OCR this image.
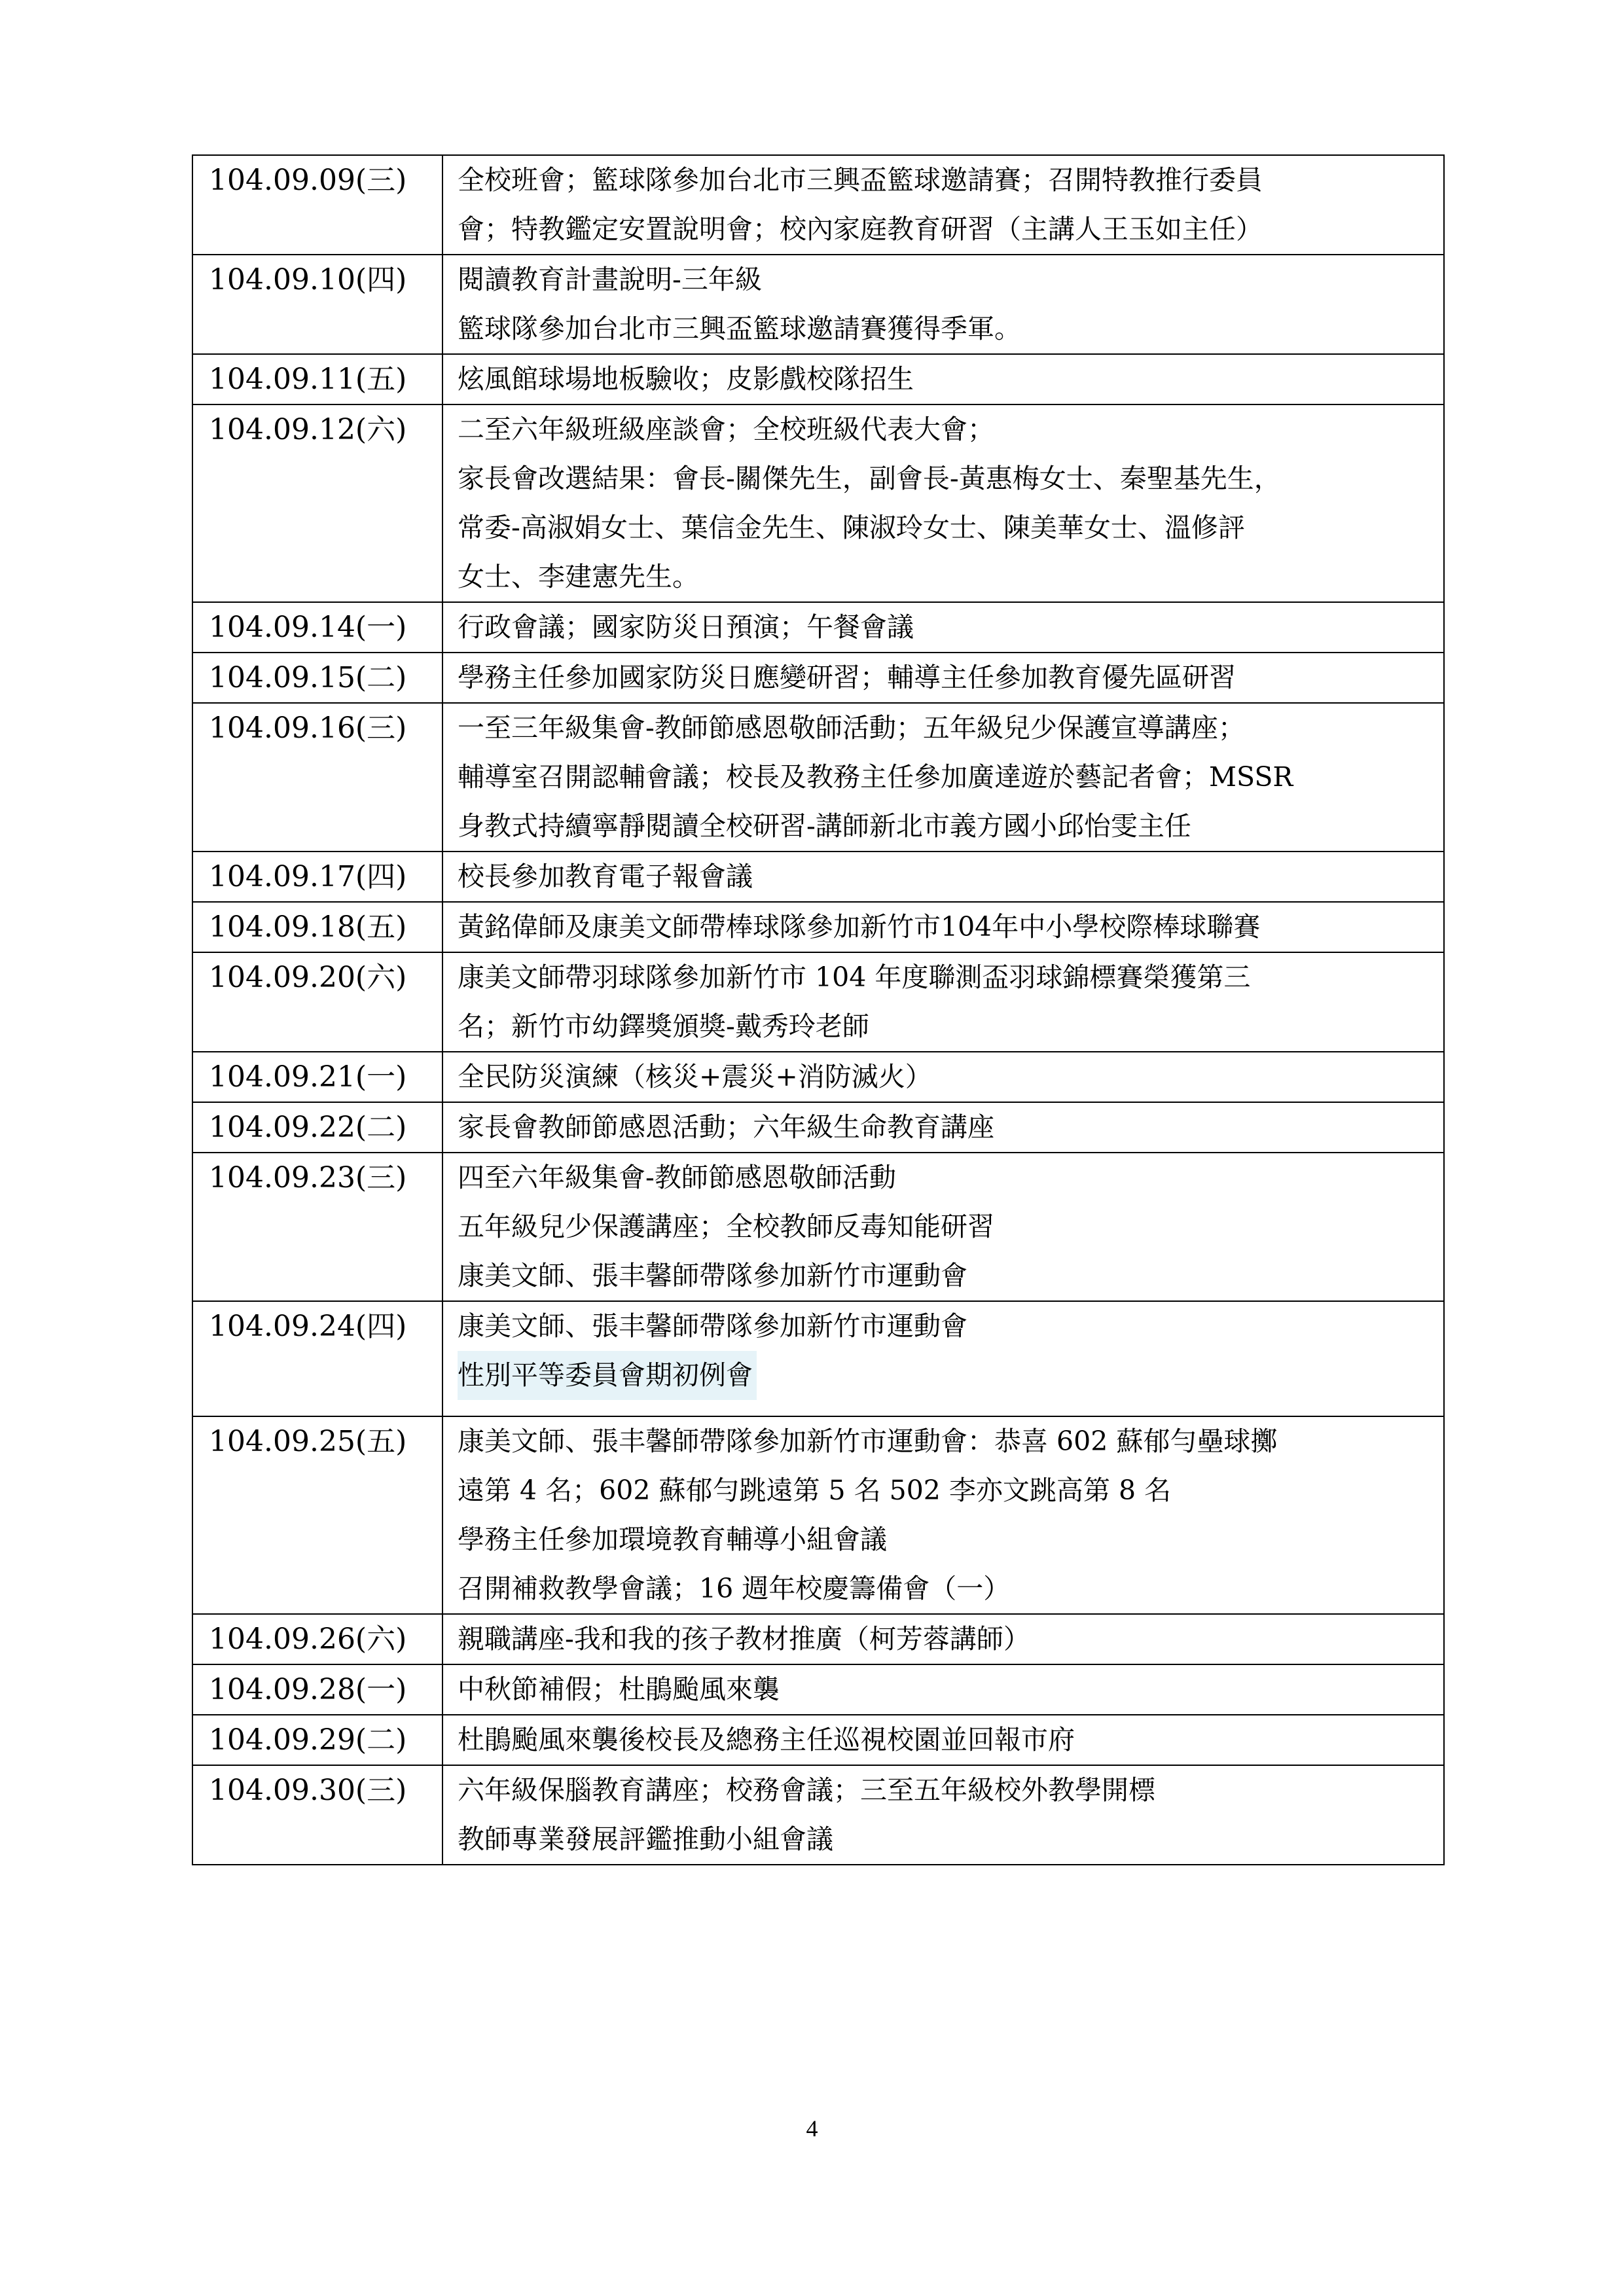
104.09.09(三)	全校班會；籃球隊參加台北市三興盃籃球邀請賽；召開特教推行委員
會；特教鑑定安置說明會；校內家庭教育研習（主講人王玉如主任）

104.09.10(四)	閱讀教育計畫說明-三年級
籃球隊參加台北市三興盃籃球邀請賽獲得季軍。

104.09.11(五)	炫風館球場地板驗收；皮影戲校隊招生

104.09.12(六)	二至六年級班級座談會；全校班級代表大會；
家長會改選結果：會長-關傑先生，副會長-黃惠梅女士、秦聖基先生，
常委-高淑娟女士、葉信金先生、陳淑玲女士、陳美華女士、溫修評
女士、李建憲先生。

104.09.14(一)	行政會議；國家防災日預演；午餐會議

104.09.15(二)	學務主任參加國家防災日應變研習；輔導主任參加教育優先區研習

104.09.16(三)	一至三年級集會-教師節感恩敬師活動；五年級兒少保護宣導講座；
輔導室召開認輔會議；校長及教務主任參加廣達遊於藝記者會；MSSR
身教式持續寧靜閱讀全校研習-講師新北市義方國小邱怡雯主任

104.09.17(四)	校長參加教育電子報會議

104.09.18(五)	黃銘偉師及康美文師帶棒球隊參加新竹市104年中小學校際棒球聯賽

104.09.20(六)	康美文師帶羽球隊參加新竹市 104 年度聯測盃羽球錦標賽榮獲第三
名；新竹市幼鐸獎頒獎-戴秀玲老師

104.09.21(一)	全民防災演練（核災+震災+消防滅火）

104.09.22(二)	家長會教師節感恩活動；六年級生命教育講座

104.09.23(三)	四至六年級集會-教師節感恩敬師活動
五年級兒少保護講座；全校教師反毒知能研習
康美文師、張丰馨師帶隊參加新竹市運動會

104.09.24(四)	康美文師、張丰馨師帶隊參加新竹市運動會
性別平等委員會期初例會

104.09.25(五)	康美文師、張丰馨師帶隊參加新竹市運動會：恭喜 602 蘇郁勻壘球擲
遠第 4 名；602 蘇郁勻跳遠第 5 名 502 李亦文跳高第 8 名
學務主任參加環境教育輔導小組會議
召開補救教學會議；16 週年校慶籌備會（一）

104.09.26(六)	親職講座-我和我的孩子教材推廣（柯芳蓉講師）

104.09.28(一)	中秋節補假；杜鵑颱風來襲

104.09.29(二)	杜鵑颱風來襲後校長及總務主任巡視校園並回報市府

104.09.30(三)	六年級保腦教育講座；校務會議；三至五年級校外教學開標
教師專業發展評鑑推動小組會議
4
